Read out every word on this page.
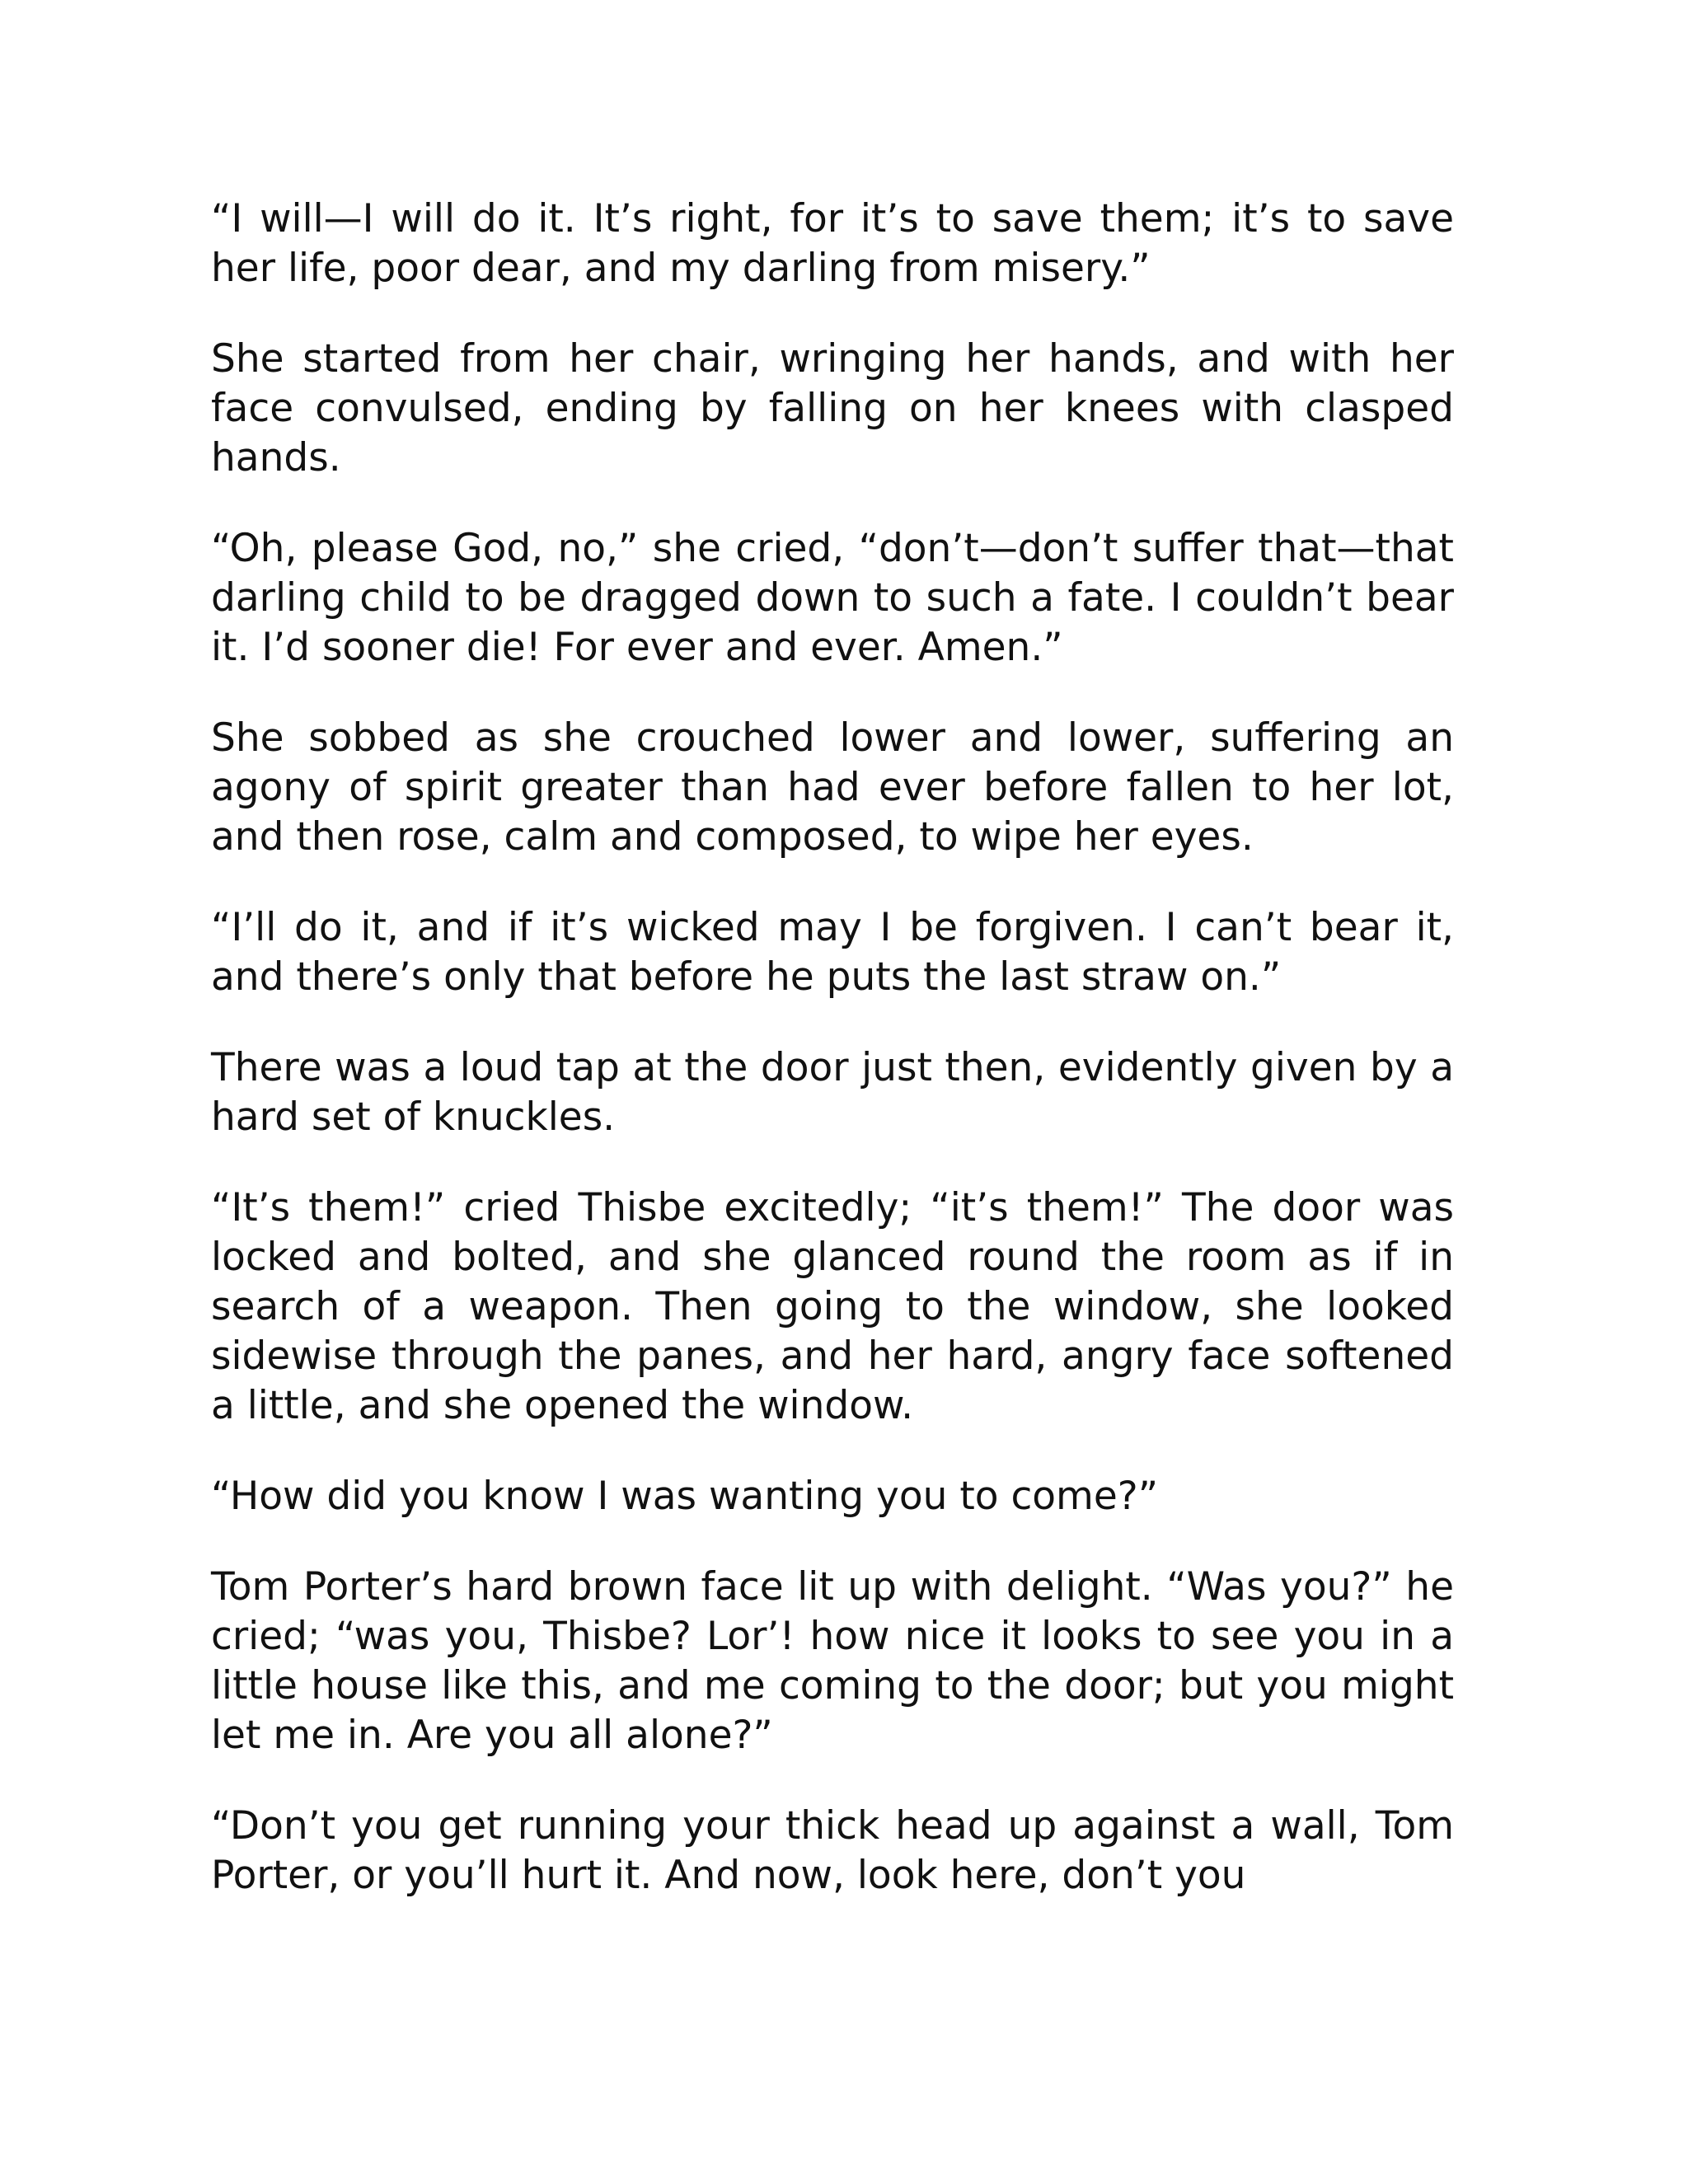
“I will—I will do it. It’s right, for it’s to save them; it’s to save her life, poor dear, and my darling from misery.”

She started from her chair, wringing her hands, and with her face convulsed, ending by falling on her knees with clasped hands.

“Oh, please God, no,” she cried, “don’t—don’t suffer that—that darling child to be dragged down to such a fate. I couldn’t bear it. I’d sooner die! For ever and ever. Amen.”

She sobbed as she crouched lower and lower, suffering an agony of spirit greater than had ever before fallen to her lot, and then rose, calm and composed, to wipe her eyes.

“I’ll do it, and if it’s wicked may I be forgiven. I can’t bear it, and there’s only that before he puts the last straw on.”

There was a loud tap at the door just then, evidently given by a hard set of knuckles.

“It’s them!” cried Thisbe excitedly; “it’s them!” The door was locked and bolted, and she glanced round the room as if in search of a weapon. Then going to the window, she looked sidewise through the panes, and her hard, angry face softened a little, and she opened the window.

“How did you know I was wanting you to come?”

Tom Porter’s hard brown face lit up with delight. “Was you?” he cried; “was you, Thisbe? Lor’! how nice it looks to see you in a little house like this, and me coming to the door; but you might let me in. Are you all alone?”

“Don’t you get running your thick head up against a wall, Tom Porter, or you’ll hurt it. And now, look here, don’t you
